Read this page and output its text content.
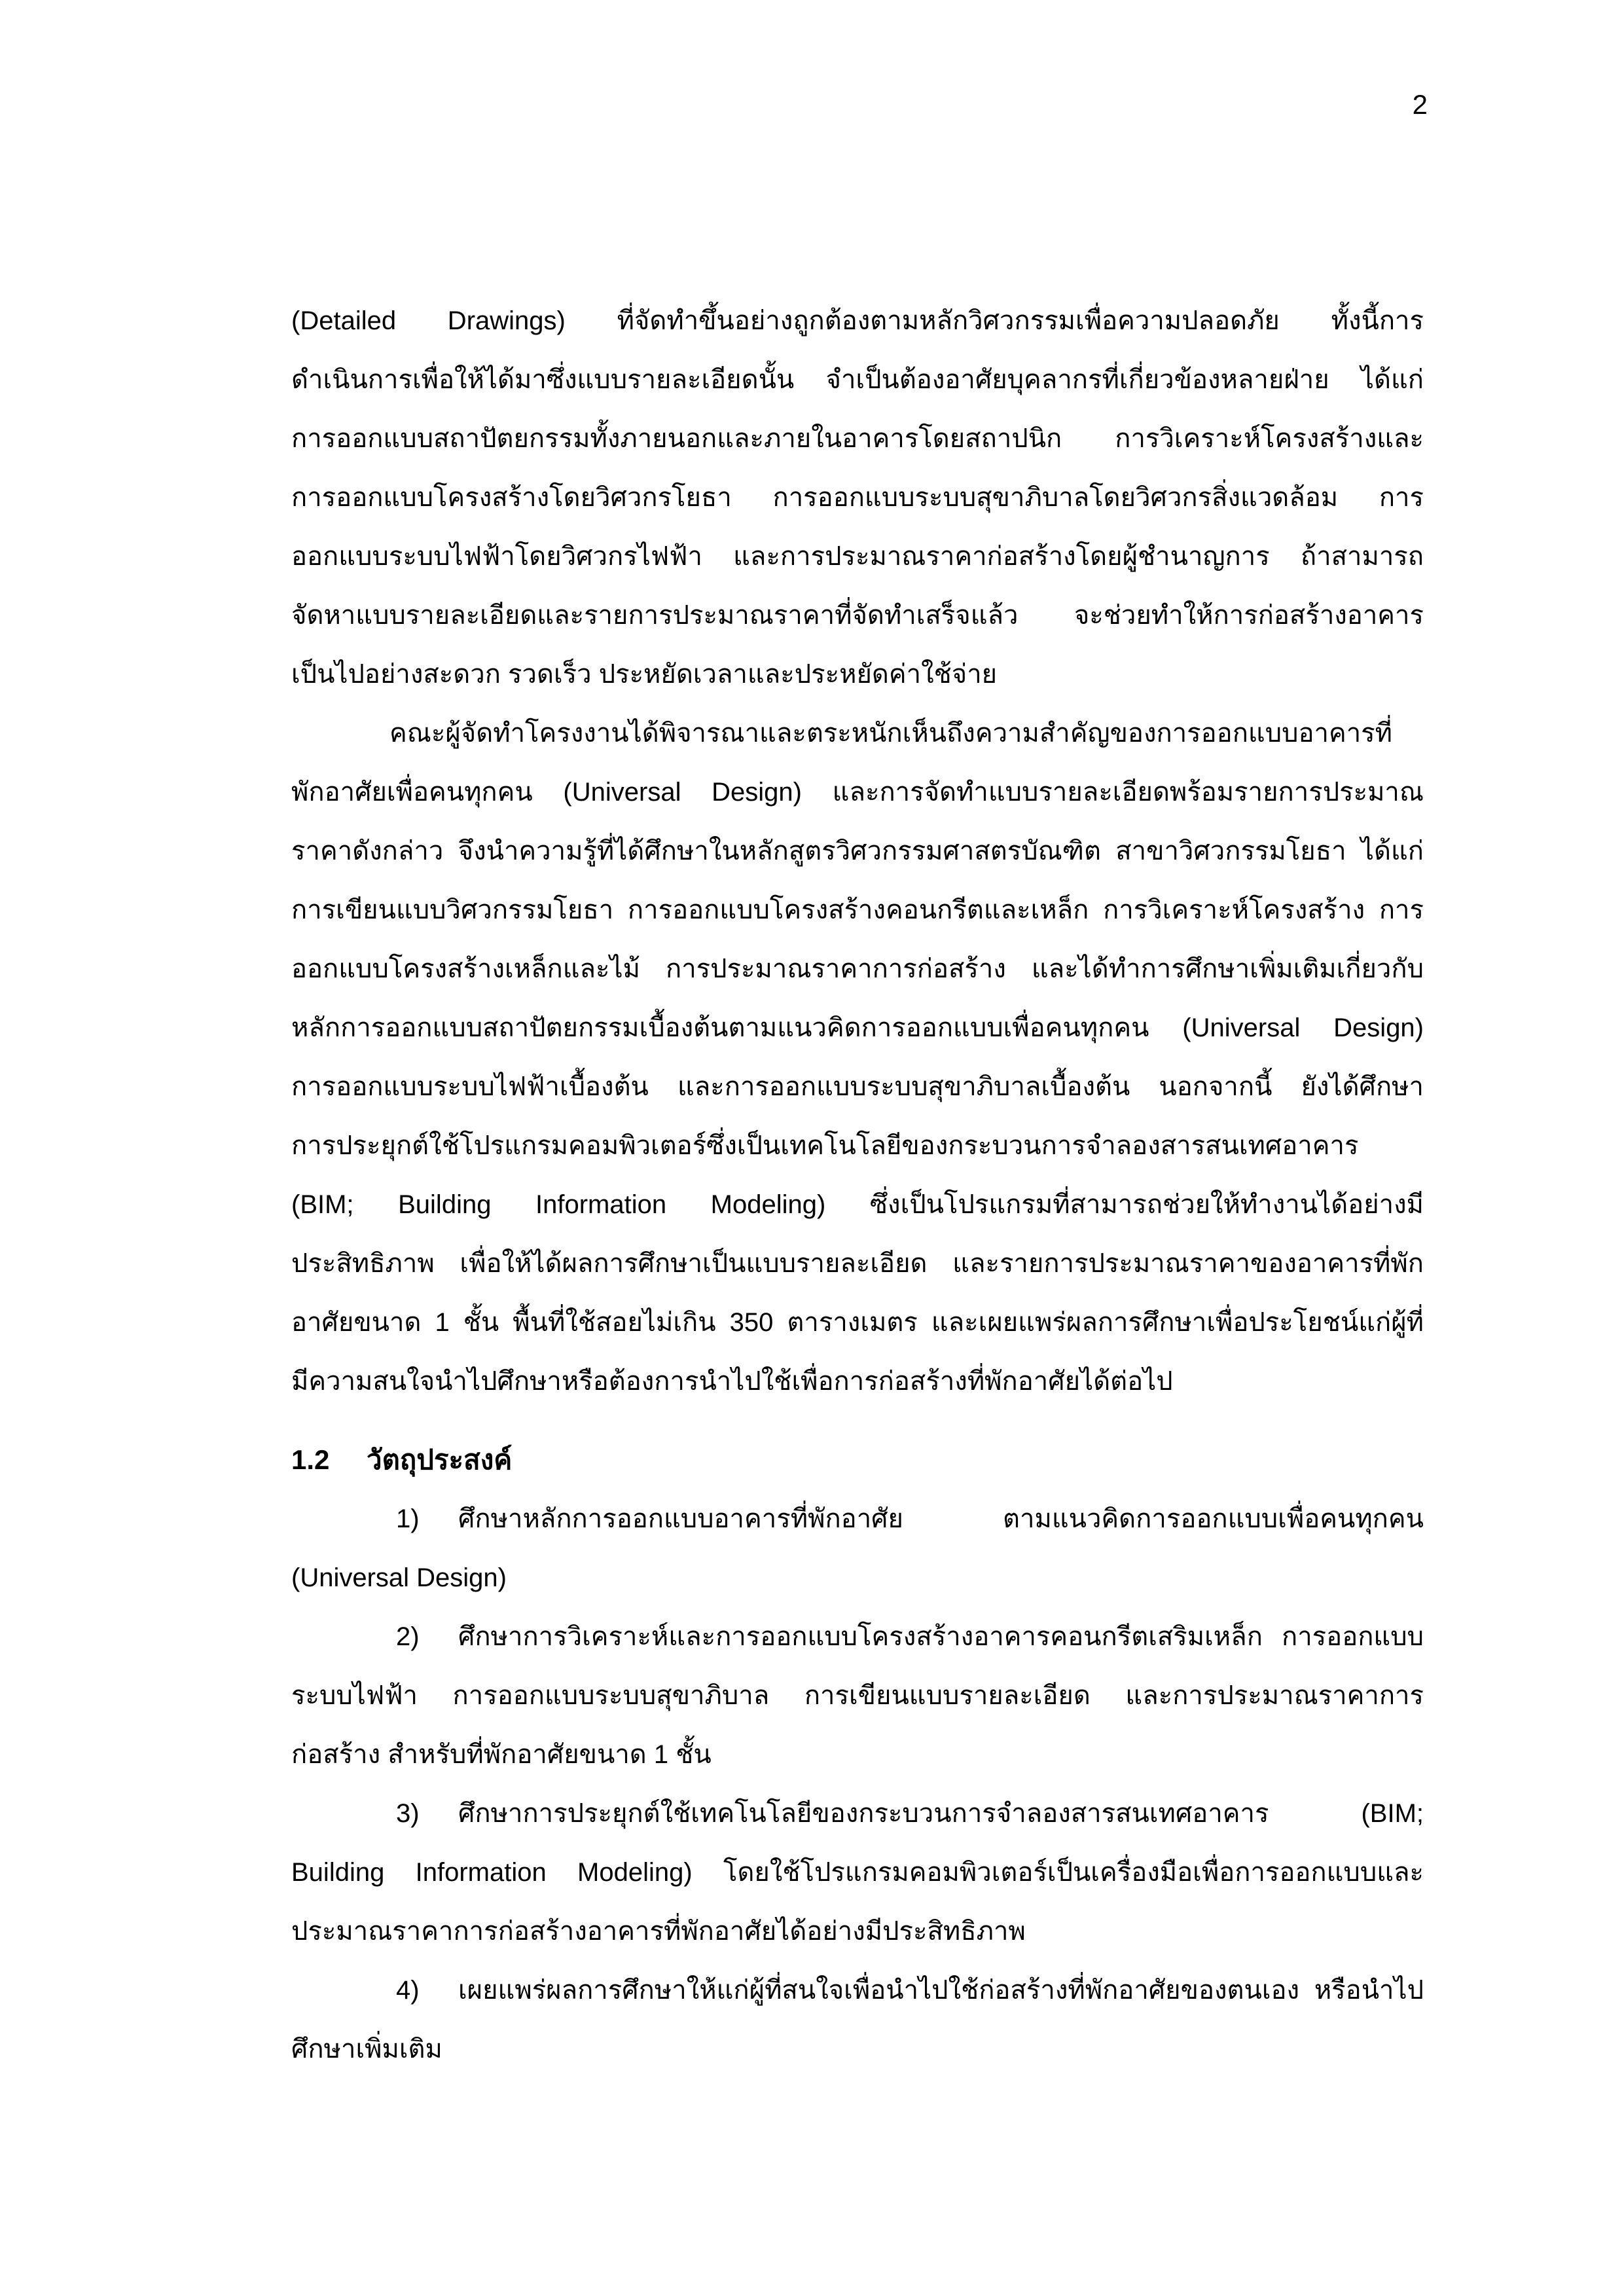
2
(Detailed Drawings) ที่จัดทำขึ้นอย่างถูกต้องตามหลักวิศวกรรมเพื่อความปลอดภัย ทั้งนี้การ
ดำเนินการเพื่อให้ได้มาซึ่งแบบรายละเอียดนั้น จำเป็นต้องอาศัยบุคลากรที่เกี่ยวข้องหลายฝ่าย ได้แก่
การออกแบบสถาปัตยกรรมทั้งภายนอกและภายในอาคารโดยสถาปนิก การวิเคราะห์โครงสร้างและ
การออกแบบโครงสร้างโดยวิศวกรโยธา การออกแบบระบบสุขาภิบาลโดยวิศวกรสิ่งแวดล้อม การ
ออกแบบระบบไฟฟ้าโดยวิศวกรไฟฟ้า และการประมาณราคาก่อสร้างโดยผู้ชำนาญการ ถ้าสามารถ
จัดหาแบบรายละเอียดและรายการประมาณราคาที่จัดทำเสร็จแล้ว จะช่วยทำให้การก่อสร้างอาคาร
เป็นไปอย่างสะดวก รวดเร็ว ประหยัดเวลาและประหยัดค่าใช้จ่าย
คณะผู้จัดทำโครงงานได้พิจารณาและตระหนักเห็นถึงความสำคัญของการออกแบบอาคารที่
พักอาศัยเพื่อคนทุกคน (Universal Design) และการจัดทำแบบรายละเอียดพร้อมรายการประมาณ
ราคาดังกล่าว จึงนำความรู้ที่ได้ศึกษาในหลักสูตรวิศวกรรมศาสตรบัณฑิต สาขาวิศวกรรมโยธา ได้แก่
การเขียนแบบวิศวกรรมโยธา การออกแบบโครงสร้างคอนกรีตและเหล็ก การวิเคราะห์โครงสร้าง การ
ออกแบบโครงสร้างเหล็กและไม้ การประมาณราคาการก่อสร้าง และได้ทำการศึกษาเพิ่มเติมเกี่ยวกับ
หลักการออกแบบสถาปัตยกรรมเบื้องต้นตามแนวคิดการออกแบบเพื่อคนทุกคน (Universal Design)
การออกแบบระบบไฟฟ้าเบื้องต้น และการออกแบบระบบสุขาภิบาลเบื้องต้น นอกจากนี้ ยังได้ศึกษา
การประยุกต์ใช้โปรแกรมคอมพิวเตอร์ซึ่งเป็นเทคโนโลยีของกระบวนการจำลองสารสนเทศอาคาร
(BIM; Building Information Modeling) ซึ่งเป็นโปรแกรมที่สามารถช่วยให้ทำงานได้อย่างมี
ประสิทธิภาพ เพื่อให้ได้ผลการศึกษาเป็นแบบรายละเอียด และรายการประมาณราคาของอาคารที่พัก
อาศัยขนาด 1 ชั้น พื้นที่ใช้สอยไม่เกิน 350 ตารางเมตร และเผยแพร่ผลการศึกษาเพื่อประโยชน์แก่ผู้ที่
มีความสนใจนำไปศึกษาหรือต้องการนำไปใช้เพื่อการก่อสร้างที่พักอาศัยได้ต่อไป
1.2 วัตถุประสงค์
1) ศึกษาหลักการออกแบบอาคารที่พักอาศัย ตามแนวคิดการออกแบบเพื่อคนทุกคน
(Universal Design)
2) ศึกษาการวิเคราะห์และการออกแบบโครงสร้างอาคารคอนกรีตเสริมเหล็ก การออกแบบ
ระบบไฟฟ้า การออกแบบระบบสุขาภิบาล การเขียนแบบรายละเอียด และการประมาณราคาการ
ก่อสร้าง สำหรับที่พักอาศัยขนาด 1 ชั้น
3) ศึกษาการประยุกต์ใช้เทคโนโลยีของกระบวนการจำลองสารสนเทศอาคาร (BIM;
Building Information Modeling) โดยใช้โปรแกรมคอมพิวเตอร์เป็นเครื่องมือเพื่อการออกแบบและ
ประมาณราคาการก่อสร้างอาคารที่พักอาศัยได้อย่างมีประสิทธิภาพ
4) เผยแพร่ผลการศึกษาให้แก่ผู้ที่สนใจเพื่อนำไปใช้ก่อสร้างที่พักอาศัยของตนเอง หรือนำไป
ศึกษาเพิ่มเติม
